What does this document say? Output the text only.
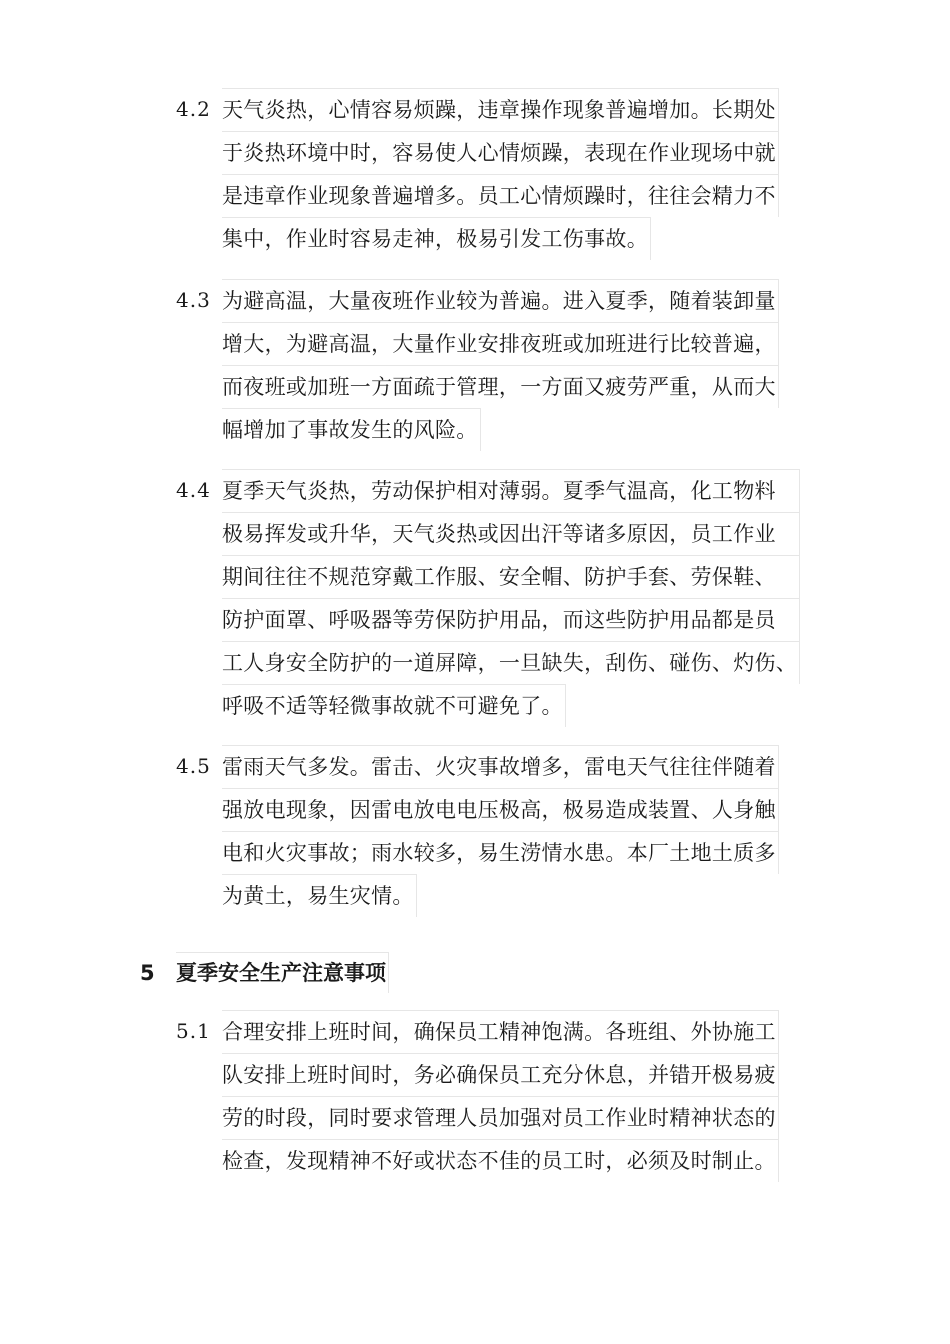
4.2 天气炎热，心情容易烦躁，违章操作现象普遍增加。长期处
于炎热环境中时，容易使人心情烦躁，表现在作业现场中就
是违章作业现象普遍增多。员工心情烦躁时，往往会精力不
集中，作业时容易走神，极易引发工伤事故。
4.3 为避高温，大量夜班作业较为普遍。进入夏季，随着装卸量
增大，为避高温，大量作业安排夜班或加班进行比较普遍，
而夜班或加班一方面疏于管理，一方面又疲劳严重，从而大
幅增加了事故发生的风险。
4.4 夏季天气炎热，劳动保护相对薄弱。夏季气温高，化工物料
极易挥发或升华，天气炎热或因出汗等诸多原因，员工作业
期间往往不规范穿戴工作服、安全帽、防护手套、劳保鞋、
防护面罩、呼吸器等劳保防护用品，而这些防护用品都是员
工人身安全防护的一道屏障，一旦缺失，刮伤、碰伤、灼伤、
呼吸不适等轻微事故就不可避免了。
4.5 雷雨天气多发。雷击、火灾事故增多，雷电天气往往伴随着
强放电现象，因雷电放电电压极高，极易造成装置、人身触
电和火灾事故；雨水较多，易生涝情水患。本厂土地土质多
为黄土，易生灾情。
5 夏季安全生产注意事项
5.1 合理安排上班时间，确保员工精神饱满。各班组、外协施工
队安排上班时间时，务必确保员工充分休息，并错开极易疲
劳的时段，同时要求管理人员加强对员工作业时精神状态的
检查，发现精神不好或状态不佳的员工时，必须及时制止。
